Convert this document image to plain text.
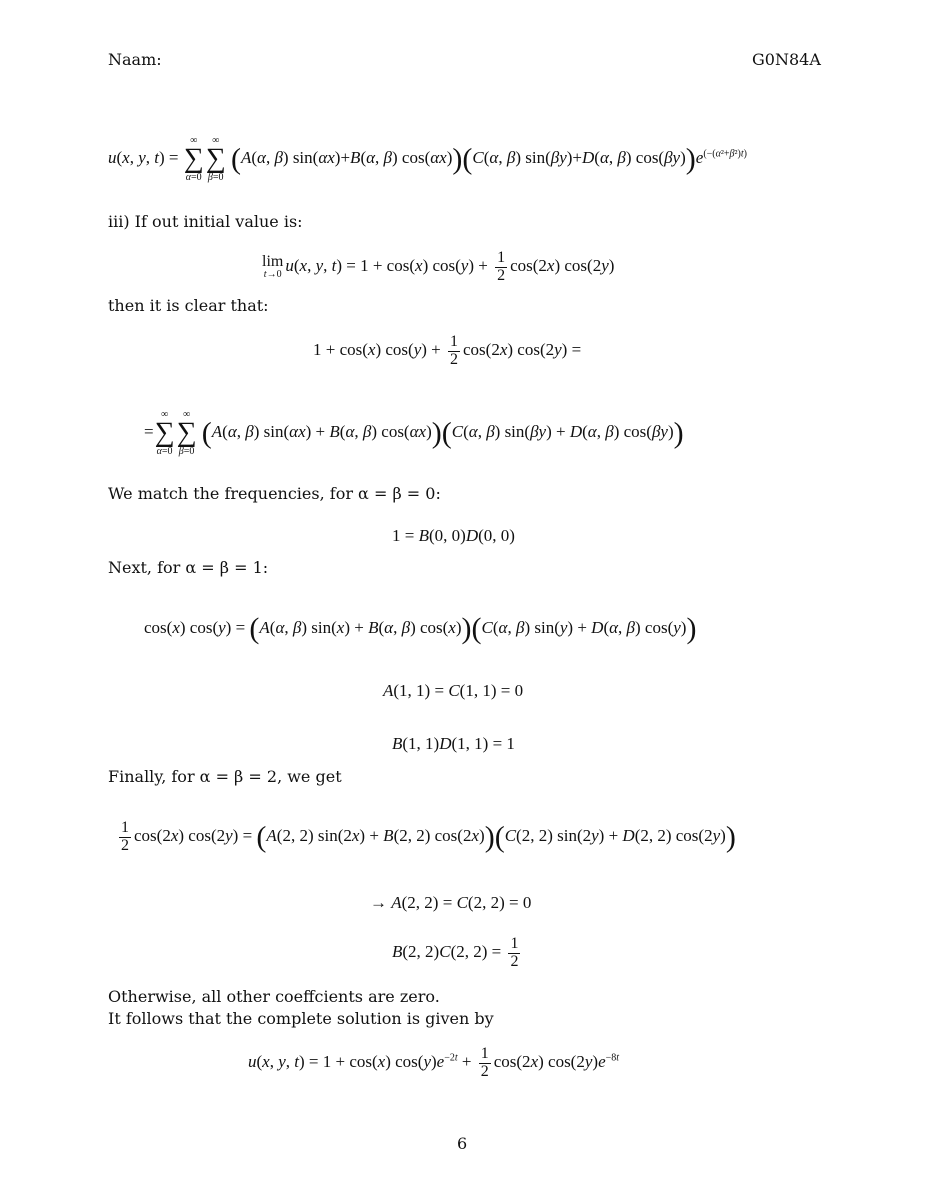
Naam:	G0N84A
u(x, y, t) =
∞
∑
α=0
∞
∑
β=0
(A(α, β) sin(αx)+B(α, β) cos(αx))(C(α, β) sin(βy)+D(α, β) $\cos(\beta y))e^{(-(\alpha^2+\beta^2)t)}$
iii) If out initial value is:
lim
t→0 u(x, y, t) = 1 + cos(x) $\cos(y) + \frac{1}{2} \cos(2x)$ cos(2y)
then it is clear that:
1 + cos(x) $\cos(y) + \frac{1}{2} \cos(2x) \cos(2y)$ =
=
∞
∑
α=0
∞
∑
β=0
(A(α, β) sin(αx) + B(α, β) cos(αx))(C(α, β) sin(βy) + D(α, β) cos(βy))
We match the frequencies, for α = β = 0:
1 = B(0, 0)D(0, 0)
Next, for α = β = 1:
cos(x) cos(y) = (A(α, β) sin(x) + B(α, β) cos(x))(C(α, β) sin(y) + D(α, β) cos(y))
A(1, 1) = C(1, 1) = 0
B(1, 1)D(1, 1) = 1
Finally, for α = β = 2, we get
$\frac{1}{2} \cos(2x) \cos(2y) = (A(2$, 2) sin(2x) + B(2, 2) cos(2x))(C(2, 2) sin(2y) + D(2, 2) cos(2y))
→ A(2, 2) = C(2, 2) = 0
B(2, 2)C(2, $2) = \frac{1}{2}$
Otherwise, all other coeffcients are zero.
It follows that the complete solution is given by
u(x, y, t) = 1 + cos(x) $\cos(y)e^{-2t} + \frac{1}{2} \cos(2x)$ $\cos(2y)e^{-8t}$
6
